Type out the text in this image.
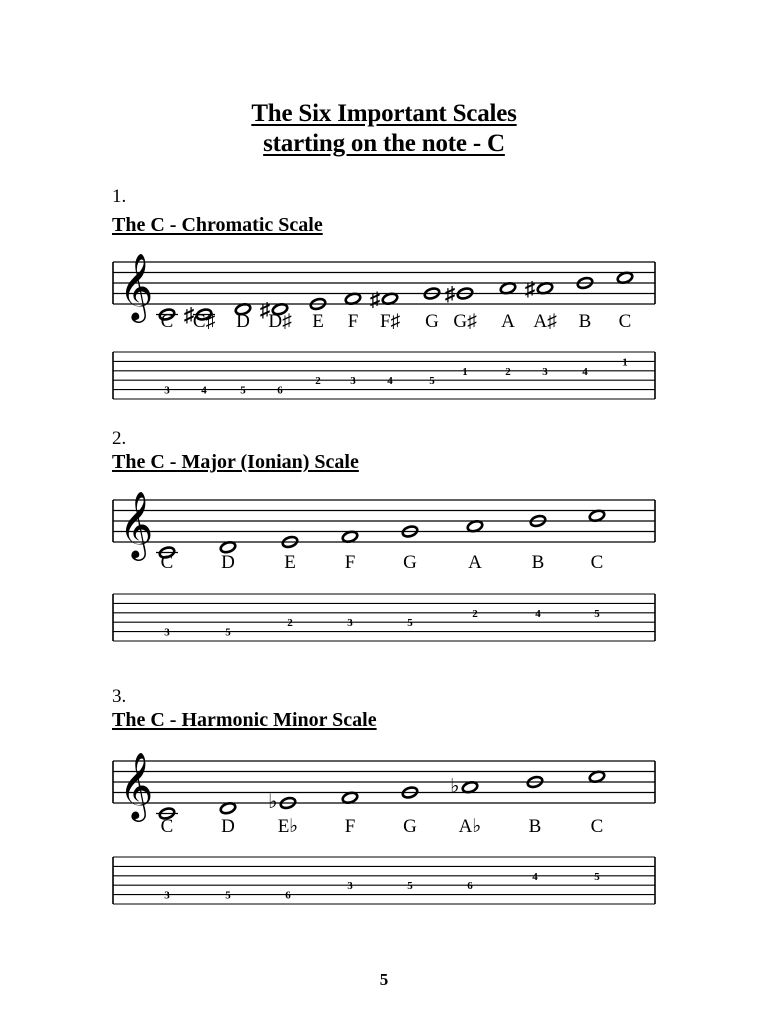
The Six Important Scales
starting on the note - C
1.
The C - Chromatic Scale
𝄞
C ♯
C♯ D
♯
D♯ E F
♯
F♯ G
♯
G♯ A
♯
A♯ B C
3	4	5	6
2	3	4	5
1	2	3	4
1
2.
The C - Major (Ionian) Scale
𝄞
C	D	E	F	G	A	B C
3	5
2	3	5
2	4	5
3.
The C - Harmonic Minor Scale
𝄞
C	D
♭
E♭ F	G
♭
A♭ B	C
3	5	6
3	5	6
4	5
5
